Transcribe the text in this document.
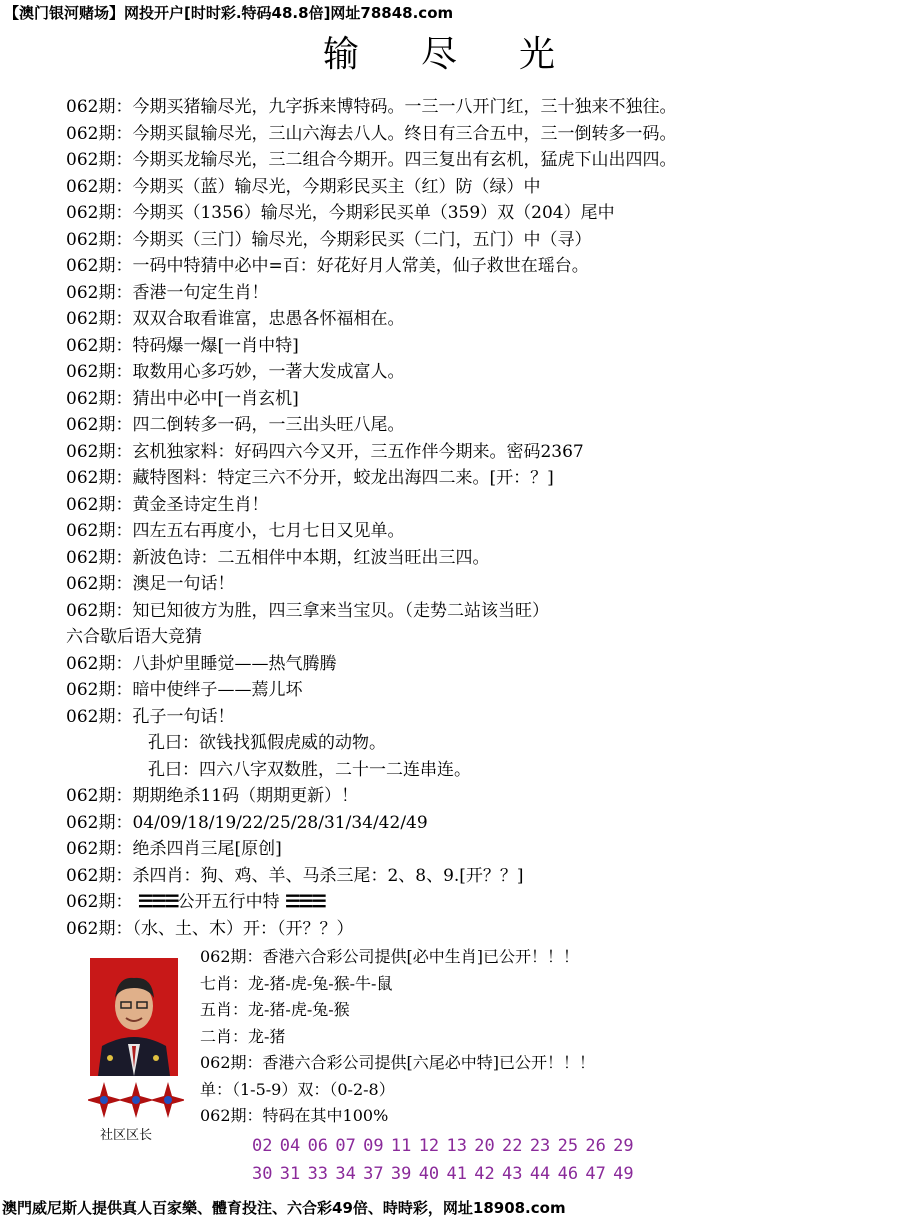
【澳门银河赌场】网投开户[时时彩.特码48.8倍]网址78848.com
输尽光
062期：今期买猪输尽光，九字拆来博特码。一三一八开门红，三十独来不独往。
062期：今期买鼠输尽光，三山六海去八人。终日有三合五中，三一倒转多一码。
062期：今期买龙输尽光，三二组合今期开。四三复出有玄机，猛虎下山出四四。
062期：今期买（蓝）输尽光，今期彩民买主（红）防（绿）中
062期：今期买（1356）输尽光，今期彩民买单（359）双（204）尾中
062期：今期买（三门）输尽光，今期彩民买（二门，五门）中（寻）
062期：一码中特猜中必中=百：好花好月人常美，仙子救世在瑶台。
062期：香港一句定生肖！
062期：双双合取看谁富，忠愚各怀福相在。
062期：特码爆一爆[一肖中特]
062期：取数用心多巧妙，一著大发成富人。
062期：猜出中必中[一肖玄机]
062期：四二倒转多一码，一三出头旺八尾。
062期：玄机独家料：好码四六今又开，三五作伴今期来。密码2367
062期：藏特图料：特定三六不分开，蛟龙出海四二来。[开：？]
062期：黄金圣诗定生肖！
062期：四左五右再度小，七月七日又见单。
062期：新波色诗：二五相伴中本期，红波当旺出三四。
062期：澳足一句话！
062期：知已知彼方为胜，四三拿来当宝贝。（走势二站该当旺）
六合歇后语大竞猜
062期：八卦炉里睡觉——热气腾腾
062期：暗中使绊子——蔫儿坏
062期：孔子一句话！
孔曰：欲钱找狐假虎威的动物。
孔曰：四六八字双数胜，二十一二连串连。
062期：期期绝杀11码（期期更新）！
062期：04/09/18/19/22/25/28/31/34/42/49
062期：绝杀四肖三尾[原创]
062期：杀四肖：狗、鸡、羊、马杀三尾：2、8、9.[开？？]
062期： ☰☰☰公开五行中特 ☰☰☰
062期：（水、土、木）开：（开？？）
社区区长
062期：香港六合彩公司提供[必中生肖]已公开！！！
七肖：龙-猪-虎-兔-猴-牛-鼠
五肖：龙-猪-虎-兔-猴
二肖：龙-猪
062期：香港六合彩公司提供[六尾必中特]已公开！！！
单：（1-5-9）双：（0-2-8）
062期：特码在其中100%
02 04 06 07 09 11 12 13 20 22 23 25 26 29
30 31 33 34 37 39 40 41 42 43 44 46 47 49
澳門威尼斯人提供真人百家樂、體育投注、六合彩49倍、時時彩，网址18908.com
